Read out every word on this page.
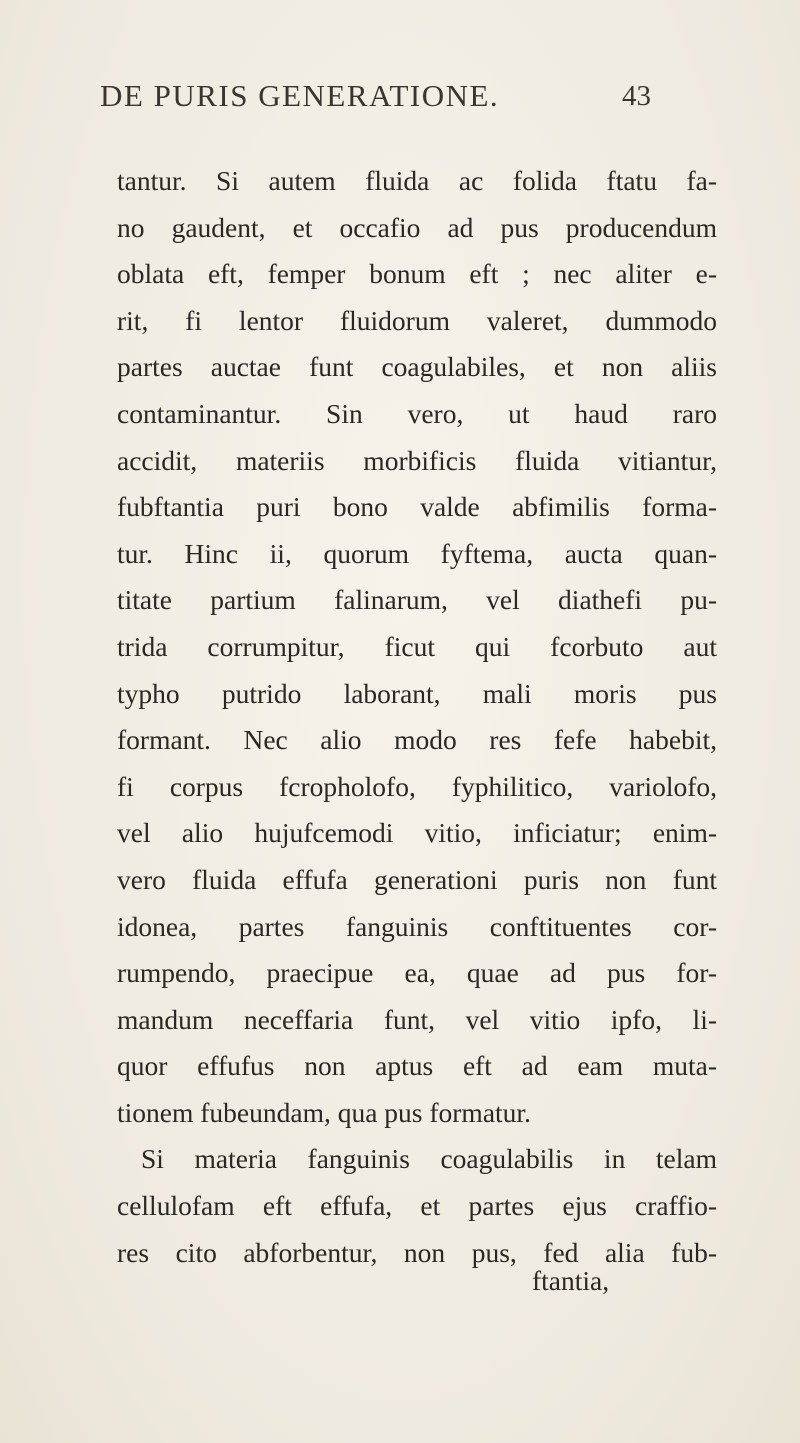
DE PURIS GENERATIONE.	43
tantur. Si autem fluida ac folida ftatu fa-
no gaudent, et occafio ad pus producendum
oblata eft, femper bonum eft ; nec aliter e-
rit, fi lentor fluidorum valeret, dummodo
partes auctae funt coagulabiles, et non aliis
contaminantur. Sin vero, ut haud raro
accidit, materiis morbificis fluida vitiantur,
fubftantia puri bono valde abfimilis forma-
tur. Hinc ii, quorum fyftema, aucta quan-
titate partium falinarum, vel diathefi pu-
trida corrumpitur, ficut qui fcorbuto aut
typho putrido laborant, mali moris pus
formant. Nec alio modo res fefe habebit,
fi corpus fcropholofo, fyphilitico, variolofo,
vel alio hujufcemodi vitio, inficiatur; enim-
vero fluida effufa generationi puris non funt
idonea, partes fanguinis conftituentes cor-
rumpendo, praecipue ea, quae ad pus for-
mandum neceffaria funt, vel vitio ipfo, li-
quor effufus non aptus eft ad eam muta-
tionem fubeundam, qua pus formatur.
Si materia fanguinis coagulabilis in telam
cellulofam eft effufa, et partes ejus craffio-
res cito abforbentur, non pus, fed alia fub-
ftantia,
